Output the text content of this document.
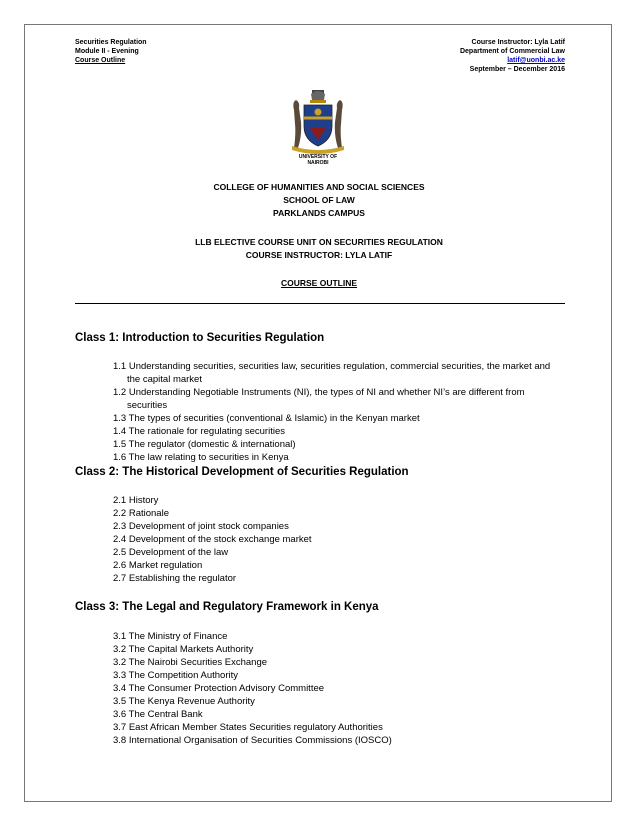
Securities Regulation
Module II - Evening
Course Outline
Course Instructor: Lyla Latif
Department of Commercial Law
latif@uonbi.ac.ke
September – December 2016
UNIVERSITY OF
NAIROBI
COLLEGE OF HUMANITIES AND SOCIAL SCIENCES
SCHOOL OF LAW
PARKLANDS CAMPUS
LLB ELECTIVE COURSE UNIT ON SECURITIES REGULATION
COURSE INSTRUCTOR: LYLA LATIF
COURSE OUTLINE
Class 1: Introduction to Securities Regulation
1.1 Understanding securities, securities law, securities regulation, commercial securities, the market and the capital market
1.2 Understanding Negotiable Instruments (NI), the types of NI and whether NI’s are different from securities
1.3 The types of securities (conventional & Islamic) in the Kenyan market
1.4 The rationale for regulating securities
1.5 The regulator (domestic & international)
1.6 The law relating to securities in Kenya
Class 2: The Historical Development of Securities Regulation
2.1 History
2.2 Rationale
2.3 Development of joint stock companies
2.4 Development of the stock exchange market
2.5 Development of the law
2.6 Market regulation
2.7 Establishing the regulator
Class 3: The Legal and Regulatory Framework in Kenya
3.1 The Ministry of Finance
3.2 The Capital Markets Authority
3.2 The Nairobi Securities Exchange
3.3 The Competition Authority
3.4 The Consumer Protection Advisory Committee
3.5 The Kenya Revenue Authority
3.6 The Central Bank
3.7 East African Member States Securities regulatory Authorities
3.8 International Organisation of Securities Commissions (IOSCO)
